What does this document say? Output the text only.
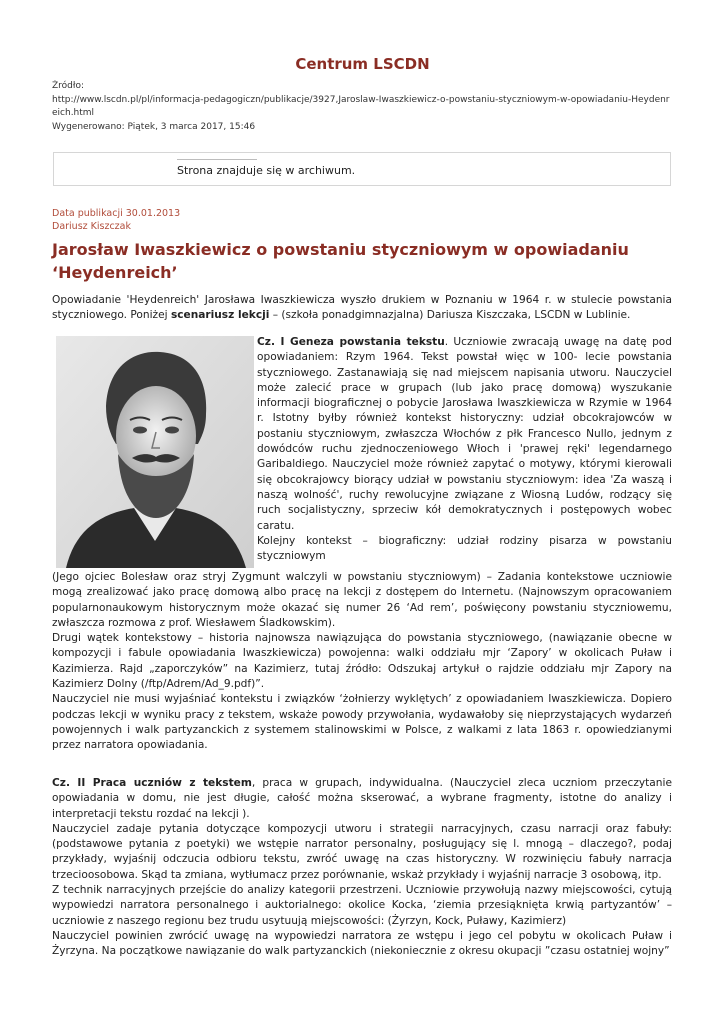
Centrum LSCDN
Źródło:
http://www.lscdn.pl/pl/informacja-pedagogiczn/publikacje/3927,Jaroslaw-Iwaszkiewicz-o-powstaniu-styczniowym-w-opowiadaniu-Heydenr
eich.html
Wygenerowano: Piątek, 3 marca 2017, 15:46
Strona znajduje się w archiwum.
Data publikacji 30.01.2013
Dariusz Kiszczak
Jarosław Iwaszkiewicz o powstaniu styczniowym w opowiadaniu ‘Heydenreich’
Opowiadanie 'Heydenreich' Jarosława Iwaszkiewicza wyszło drukiem w Poznaniu w 1964 r. w stulecie powstania styczniowego. Poniżej scenariusz lekcji – (szkoła ponadgimnazjalna) Dariusza Kiszczaka, LSCDN w Lublinie.

Cz. I Geneza powstania tekstu. Uczniowie zwracają uwagę na datę pod opowiadaniem: Rzym 1964. Tekst powstał więc w 100- lecie powstania styczniowego. Zastanawiają się nad miejscem napisania utworu. Nauczyciel może zalecić prace w grupach (lub jako pracę domową) wyszukanie informacji biograficznej o pobycie Jarosława Iwaszkiewicza w Rzymie w 1964 r. Istotny byłby również kontekst historyczny: udział obcokrajowców w postaniu styczniowym, zwłaszcza Włochów z płk Francesco Nullo, jednym z dowódców ruchu zjednoczeniowego Włoch i 'prawej ręki' legendarnego Garibaldiego. Nauczyciel może również zapytać o motywy, którymi kierowali się obcokrajowcy biorący udział w powstaniu styczniowym: idea 'Za waszą i naszą wolność', ruchy rewolucyjne związane z Wiosną Ludów, rodzący się ruch socjalistyczny, sprzeciw kół demokratycznych i postępowych wobec caratu.

Kolejny kontekst – biograficzny: udział rodziny pisarza w powstaniu styczniowym

(Jego ojciec Bolesław oraz stryj Zygmunt walczyli w powstaniu styczniowym) – Zadania kontekstowe uczniowie mogą zrealizować jako pracę domową albo pracę na lekcji z dostępem do Internetu. (Najnowszym opracowaniem popularnonaukowym historycznym może okazać się numer 26 ‘Ad rem’, poświęcony powstaniu styczniowemu, zwłaszcza rozmowa z prof. Wiesławem Śladkowskim).

Drugi wątek kontekstowy – historia najnowsza nawiązująca do powstania styczniowego, (nawiązanie obecne w kompozycji i fabule opowiadania Iwaszkiewicza) powojenna: walki oddziału mjr ‘Zapory’ w okolicach Puław i Kazimierza. Rajd „zaporczyków” na Kazimierz, tutaj źródło: Odszukaj artykuł o rajdzie oddziału mjr Zapory na Kazimierz Dolny (/ftp/Adrem/Ad_9.pdf)”.

Nauczyciel nie musi wyjaśniać kontekstu i związków ‘żołnierzy wyklętych’ z opowiadaniem Iwaszkiewicza. Dopiero podczas lekcji w wyniku pracy z tekstem, wskaże powody przywołania, wydawałoby się nieprzystających wydarzeń powojennych i walk partyzanckich z systemem stalinowskimi w Polsce, z walkami z lata 1863 r. opowiedzianymi przez narratora opowiadania.

Cz. II Praca uczniów z tekstem, praca w grupach, indywidualna. (Nauczyciel zleca uczniom przeczytanie opowiadania w domu, nie jest długie, całość można skserować, a wybrane fragmenty, istotne do analizy i interpretacji tekstu rozdać na lekcji ).

Nauczyciel zadaje pytania dotyczące kompozycji utworu i strategii narracyjnych, czasu narracji oraz fabuły: (podstawowe pytania z poetyki) we wstępie narrator personalny, posługujący się l. mnogą – dlaczego?, podaj przykłady, wyjaśnij odczucia odbioru tekstu, zwróć uwagę na czas historyczny. W rozwinięciu fabuły narracja trzecioosobowa. Skąd ta zmiana, wytłumacz przez porównanie, wskaż przykłady i wyjaśnij narracje 3 osobową, itp.

Z technik narracyjnych przejście do analizy kategorii przestrzeni. Uczniowie przywołują nazwy miejscowości, cytują wypowiedzi narratora personalnego i auktorialnego: okolice Kocka, ‘ziemia przesiąknięta krwią partyzantów’ – uczniowie z naszego regionu bez trudu usytuują miejscowości: (Żyrzyn, Kock, Puławy, Kazimierz)

Nauczyciel powinien zwrócić uwagę na wypowiedzi narratora ze wstępu i jego cel pobytu w okolicach Puław i Żyrzyna. Na początkowe nawiązanie do walk partyzanckich (niekoniecznie z okresu okupacji ”czasu ostatniej wojny”
